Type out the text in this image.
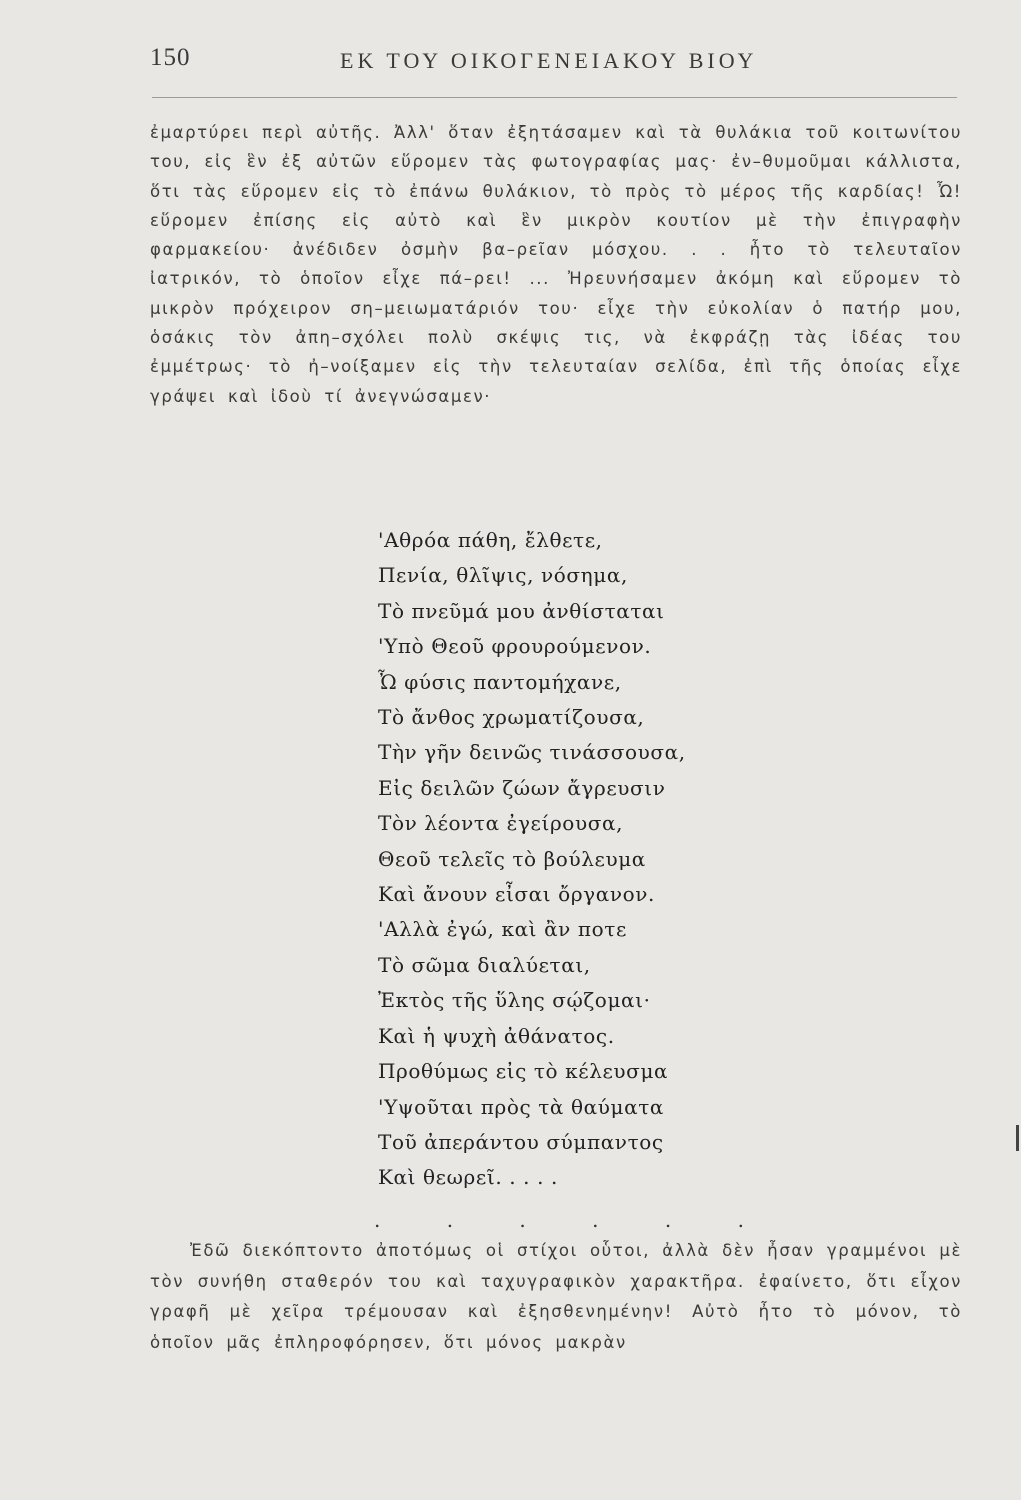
150	ΕΚ ΤΟΥ ΟΙΚΟΓΕΝΕΙΑΚΟΥ ΒΙΟΥ
ἐμαρτύρει περὶ αὐτῆς. Ἀλλ' ὅταν ἐξητάσαμεν καὶ τὰ θυλάκια τοῦ κοιτωνίτου του, εἰς ἓν ἐξ αὐτῶν εὕρομεν τὰς φωτογραφίας μας· ἐν–θυμοῦμαι κάλλιστα, ὅτι τὰς εὕρομεν εἰς τὸ ἐπάνω θυλάκιον, τὸ πρὸς τὸ μέρος τῆς καρδίας! Ὦ! εὕρομεν ἐπίσης εἰς αὐτὸ καὶ ἓν μικρὸν κουτίον μὲ τὴν ἐπιγραφὴν φαρμακείου· ἀνέδιδεν ὀσμὴν βα–ρεῖαν μόσχου. . . ἦτο τὸ τελευταῖον ἰατρικόν, τὸ ὁποῖον εἶχε πά–ρει! ... Ἠρευνήσαμεν ἀκόμη καὶ εὕρομεν τὸ μικρὸν πρόχειρον ση–μειωματάριόν του· εἶχε τὴν εὐκολίαν ὁ πατήρ μου, ὁσάκις τὸν ἀπη–σχόλει πολὺ σκέψις τις, νὰ ἐκφράζῃ τὰς ἰδέας του ἐμμέτρως· τὸ ἠ–νοίξαμεν εἰς τὴν τελευταίαν σελίδα, ἐπὶ τῆς ὁποίας εἶχε γράψει καὶ ἰδοὺ τί ἀνεγνώσαμεν·
'Αθρόα πάθη, ἔλθετε,
Πενία, θλῖψις, νόσημα,
Τὸ πνεῦμά μου ἀνθίσταται
'Υπὸ Θεοῦ φρουρούμενον.
Ὦ φύσις παντομήχανε,
Τὸ ἄνθος χρωματίζουσα,
Τὴν γῆν δεινῶς τινάσσουσα,
Εἰς δειλῶν ζώων ἄγρευσιν
Τὸν λέοντα ἐγείρουσα,
Θεοῦ τελεῖς τὸ βούλευμα
Καὶ ἄνουν εἶσαι ὄργανον.
'Αλλὰ ἐγώ, καὶ ἂν ποτε
Τὸ σῶμα διαλύεται,
Ἐκτὸς τῆς ὕλης σῴζομαι·
Καὶ ἡ ψυχὴ ἀθάνατος.
Προθύμως εἰς τὸ κέλευσμα
'Υψοῦται πρὸς τὰ θαύματα
Τοῦ ἀπεράντου σύμπαντος
Καὶ θεωρεῖ. . . . .
. . . . . .
Ἐδῶ διεκόπτοντο ἀποτόμως οἱ στίχοι οὗτοι, ἀλλὰ δὲν ἦσαν γραμμένοι μὲ τὸν συνήθη σταθερόν του καὶ ταχυγραφικὸν χαρακτῆρα. ἐφαίνετο, ὅτι εἶχον γραφῆ μὲ χεῖρα τρέμουσαν καὶ ἐξησθενημένην! Αὐτὸ ἦτο τὸ μόνον, τὸ ὁποῖον μᾶς ἐπληροφόρησεν, ὅτι μόνος μακρὰν
